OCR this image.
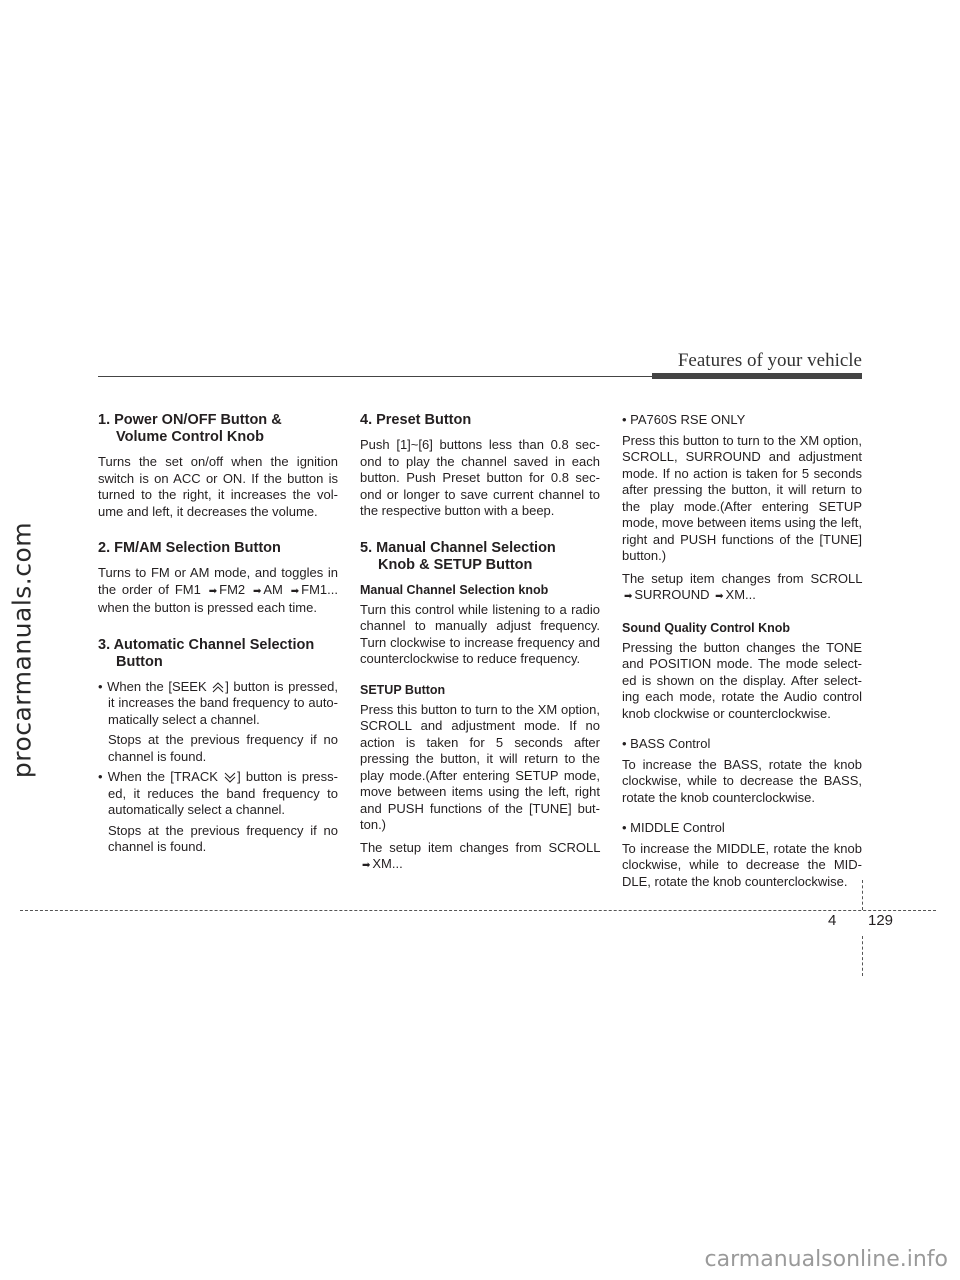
procarmanuals.com
Features of your vehicle
1. Power ON/OFF Button &
Volume Control Knob

Turns the set on/off when the ignition switch is on ACC or ON. If the button is turned to the right, it increases the vol-ume and left, it decreases the volume.

2. FM/AM Selection Button

Turns to FM or AM mode, and toggles in the order of FM1 ➡ FM2 ➡ AM ➡ FM1... when the button is pressed each time.

3. Automatic Channel Selection
Button
• When the [SEEK ] button is pressed, it increases the band frequency to auto-matically select a channel.
Stops at the previous frequency if no channel is found.
• When the [TRACK ] button is press-ed, it reduces the band frequency to automatically select a channel.
Stops at the previous frequency if no channel is found.
4. Preset Button

Push [1]~[6] buttons less than 0.8 sec-ond to play the channel saved in each button. Push Preset button for 0.8 sec-ond or longer to save current channel to the respective button with a beep.

5. Manual Channel Selection
Knob & SETUP Button
Manual Channel Selection knob

Turn this control while listening to a radio channel to manually adjust frequency. Turn clockwise to increase frequency and counterclockwise to reduce frequency.

SETUP Button

Press this button to turn to the XM option, SCROLL and adjustment mode. If no action is taken for 5 seconds after pressing the button, it will return to the play mode.(After entering SETUP mode, move between items using the left, right and PUSH functions of the [TUNE] but-ton.)

The setup item changes from SCROLL ➡ XM...

• PA760S RSE ONLY

Press this button to turn to the XM option, SCROLL, SURROUND and adjustment mode. If no action is taken for 5 seconds after pressing the button, it will return to the play mode.(After entering SETUP mode, move between items using the left, right and PUSH functions of the [TUNE] button.)

The setup item changes from SCROLL ➡ SURROUND ➡ XM...

Sound Quality Control Knob

Pressing the button changes the TONE and POSITION mode. The mode select-ed is shown on the display. After select-ing each mode, rotate the Audio control knob clockwise or counterclockwise.

• BASS Control

To increase the BASS, rotate the knob clockwise, while to decrease the BASS, rotate the knob counterclockwise.

• MIDDLE Control

To increase the MIDDLE, rotate the knob clockwise, while to decrease the MID-DLE, rotate the knob counterclockwise.

4 129
carmanualsonline.info
